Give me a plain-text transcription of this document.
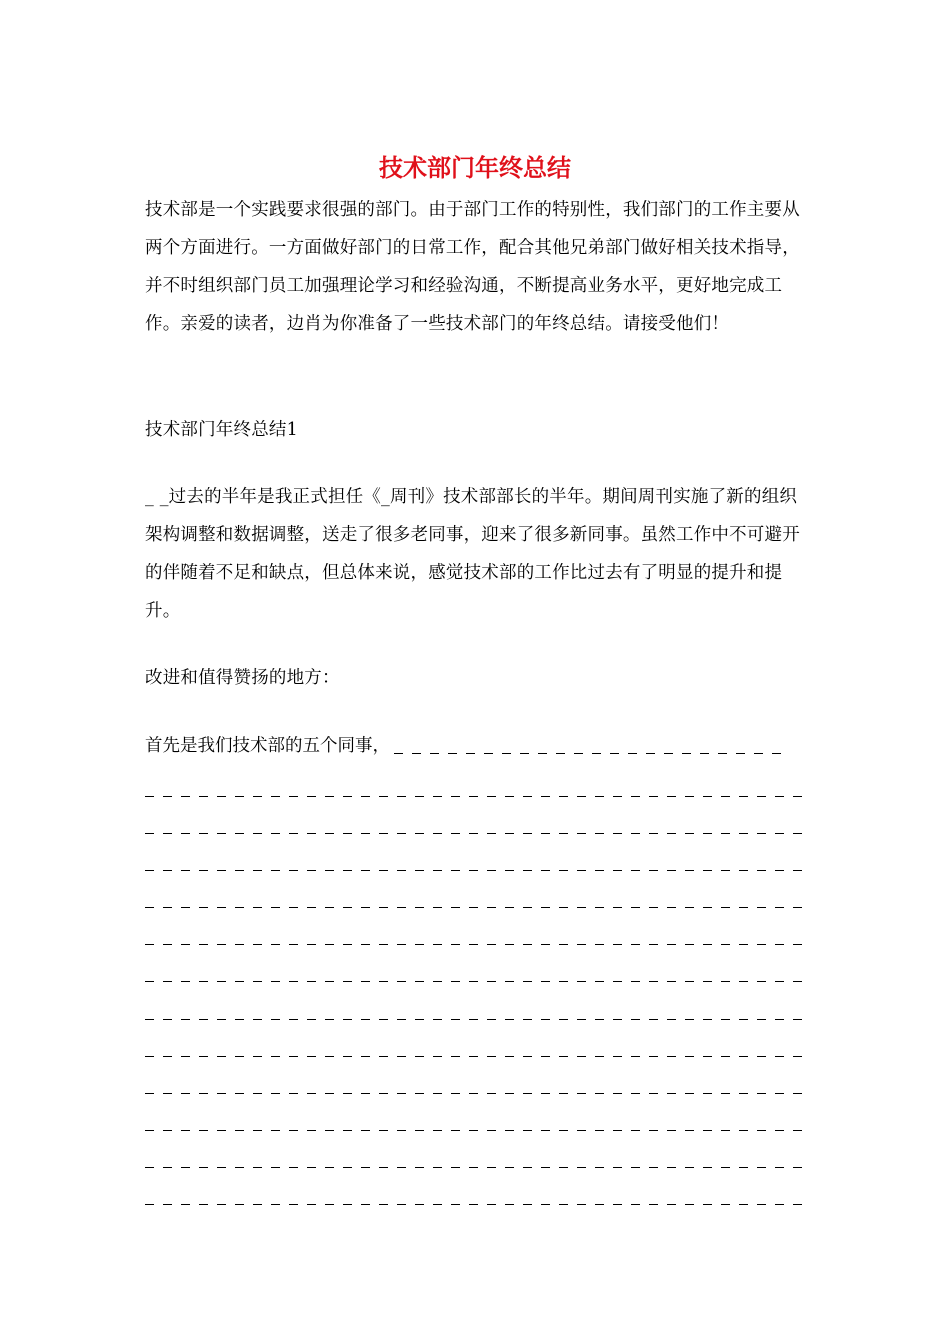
技术部门年终总结
技术部是一个实践要求很强的部门。由于部门工作的特别性，我们部门的工作主要从两个方面进行。一方面做好部门的日常工作，配合其他兄弟部门做好相关技术指导，并不时组织部门员工加强理论学习和经验沟通，不断提高业务水平，更好地完成工作。亲爱的读者，边肖为你准备了一些技术部门的年终总结。请接受他们！
技术部门年终总结1
_ _过去的半年是我正式担任《_周刊》技术部部长的半年。期间周刊实施了新的组织架构调整和数据调整，送走了很多老同事，迎来了很多新同事。虽然工作中不可避开的伴随着不足和缺点，但总体来说，感觉技术部的工作比过去有了明显的提升和提升。
改进和值得赞扬的地方：
首先是我们技术部的五个同事，
